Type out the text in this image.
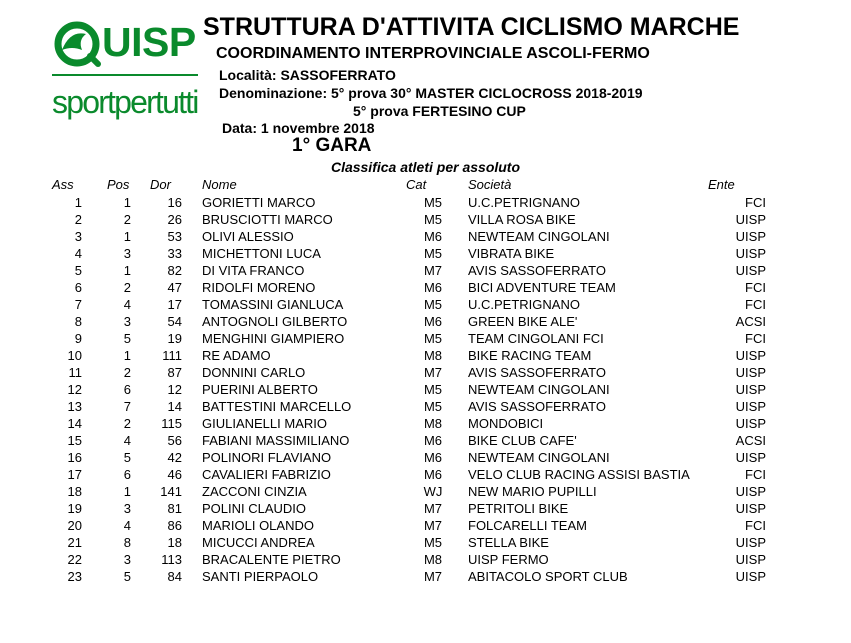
UISP
sportpertutti
STRUTTURA D'ATTIVITA CICLISMO MARCHE
COORDINAMENTO INTERPROVINCIALE ASCOLI-FERMO
Località: SASSOFERRATO
Denominazione: 5° prova 30° MASTER CICLOCROSS 2018-2019
5° prova FERTESINO CUP
Data: 1 novembre 2018
1° GARA
Classifica atleti per assoluto
Ass	Pos Dor Nome	Cat	Società	Ente
1	1	16 GORIETTI MARCO	M5	U.C.PETRIGNANO	FCI
2	2	26 BRUSCIOTTI MARCO	M5	VILLA ROSA BIKE	UISP
3	1	53 OLIVI ALESSIO	M6	NEWTEAM CINGOLANI	UISP
4	3	33 MICHETTONI LUCA	M5	VIBRATA BIKE	UISP
5	1	82 DI VITA FRANCO	M7	AVIS SASSOFERRATO	UISP
6	2	47 RIDOLFI MORENO	M6	BICI ADVENTURE TEAM	FCI
7	4	17 TOMASSINI GIANLUCA	M5	U.C.PETRIGNANO	FCI
8	3	54 ANTOGNOLI GILBERTO	M6	GREEN BIKE ALE'	ACSI
9	5	19 MENGHINI GIAMPIERO	M5	TEAM CINGOLANI FCI	FCI
10	1	111 RE ADAMO	M8	BIKE RACING TEAM	UISP
11	2	87 DONNINI CARLO	M7	AVIS SASSOFERRATO	UISP
12	6	12 PUERINI ALBERTO	M5	NEWTEAM CINGOLANI	UISP
13	7	14 BATTESTINI MARCELLO	M5	AVIS SASSOFERRATO	UISP
14	2	115 GIULIANELLI MARIO	M8	MONDOBICI	UISP
15	4	56 FABIANI MASSIMILIANO	M6	BIKE CLUB CAFE'	ACSI
16	5	42 POLINORI FLAVIANO	M6	NEWTEAM CINGOLANI	UISP
17	6	46 CAVALIERI FABRIZIO	M6	VELO CLUB RACING ASSISI BASTIA	FCI
18	1	141 ZACCONI CINZIA	WJ NEW MARIO PUPILLI	UISP
19	3	81 POLINI CLAUDIO	M7	PETRITOLI BIKE	UISP
20	4	86 MARIOLI OLANDO	M7	FOLCARELLI TEAM	FCI
21	8	18 MICUCCI ANDREA	M5	STELLA BIKE	UISP
22	3	113 BRACALENTE PIETRO	M8	UISP FERMO	UISP
23	5	84 SANTI PIERPAOLO	M7	ABITACOLO SPORT CLUB	UISP
